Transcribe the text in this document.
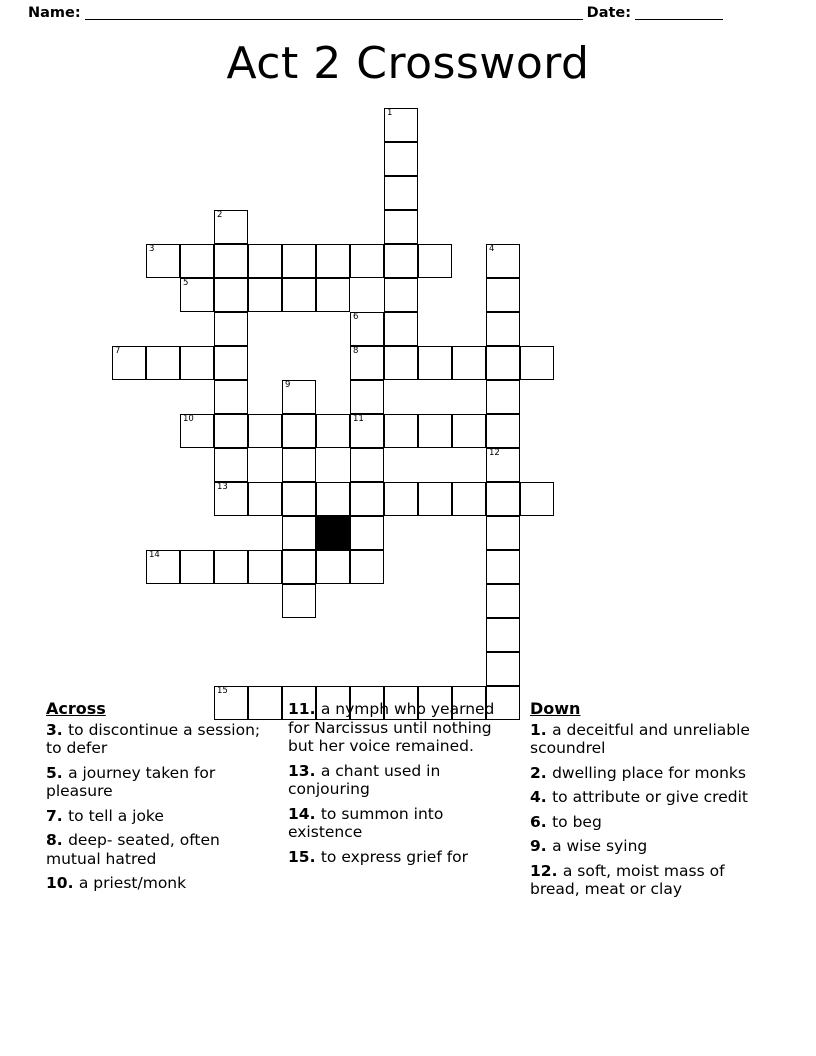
Name:	Date:
Act 2 Crossword
1
2
3	4
5
6
7	8
9
10	11
12
13
14
15
Across

3. to discontinue a session; to defer

5. a journey taken for pleasure

7. to tell a joke

8. deep- seated, often mutual hatred

10. a priest/monk

11. a nymph who yearned for Narcissus until nothing but her voice remained.

13. a chant used in conjouring

14. to summon into existence

15. to express grief for

Down

1. a deceitful and unreliable scoundrel

2. dwelling place for monks

4. to attribute or give credit

6. to beg

9. a wise sying

12. a soft, moist mass of bread, meat or clay
